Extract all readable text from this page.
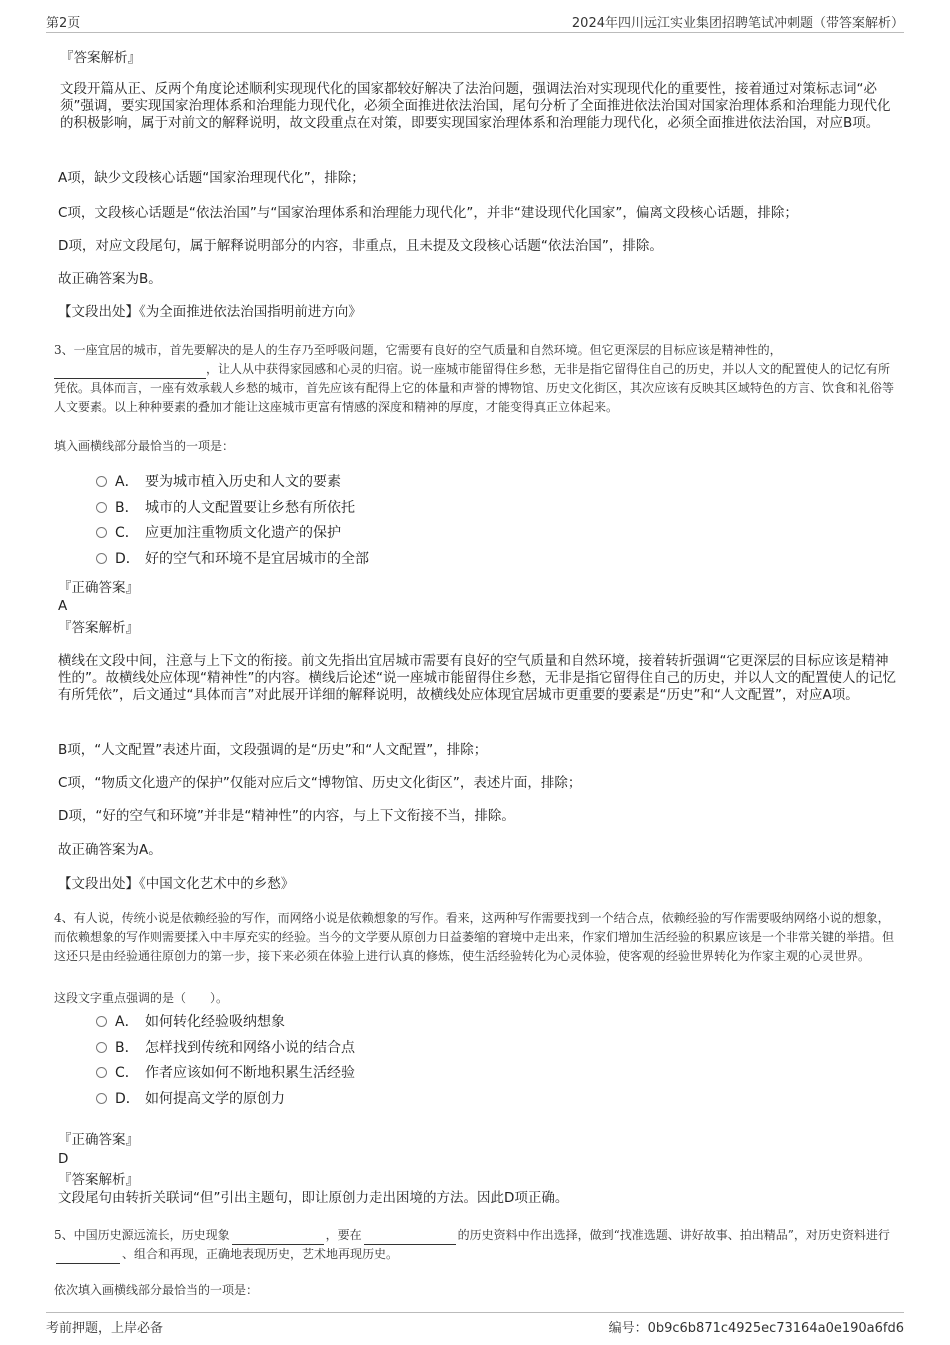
第2页	2024年四川远江实业集团招聘笔试冲刺题（带答案解析）
『答案解析』
文段开篇从正、反两个角度论述顺利实现现代化的国家都较好解决了法治问题，强调法治对实现现代化的重要性，接着通过对策标志词“必须”强调，要实现国家治理体系和治理能力现代化，必须全面推进依法治国，尾句分析了全面推进依法治国对国家治理体系和治理能力现代化的积极影响，属于对前文的解释说明，故文段重点在对策，即要实现国家治理体系和治理能力现代化，必须全面推进依法治国，对应B项。
A项，缺少文段核心话题“国家治理现代化”，排除；
C项，文段核心话题是“依法治国”与“国家治理体系和治理能力现代化”，并非“建设现代化国家”，偏离文段核心话题，排除；
D项，对应文段尾句，属于解释说明部分的内容，非重点，且未提及文段核心话题“依法治国”，排除。
故正确答案为B。
【文段出处】《为全面推进依法治国指明前进方向》
3、一座宜居的城市，首先要解决的是人的生存乃至呼吸问题，它需要有良好的空气质量和自然环境。但它更深层的目标应该是精神性的，，让人从中获得家园感和心灵的归宿。说一座城市能留得住乡愁，无非是指它留得住自己的历史，并以人文的配置使人的记忆有所凭依。具体而言，一座有效承载人乡愁的城市，首先应该有配得上它的体量和声誉的博物馆、历史文化街区，其次应该有反映其区域特色的方言、饮食和礼俗等人文要素。以上种种要素的叠加才能让这座城市更富有情感的深度和精神的厚度，才能变得真正立体起来。
填入画横线部分最恰当的一项是：
A． 要为城市植入历史和人文的要素
B． 城市的人文配置要让乡愁有所依托
C． 应更加注重物质文化遗产的保护
D． 好的空气和环境不是宜居城市的全部
『正确答案』
A
『答案解析』
横线在文段中间，注意与上下文的衔接。前文先指出宜居城市需要有良好的空气质量和自然环境，接着转折强调“它更深层的目标应该是精神性的”。故横线处应体现“精神性”的内容。横线后论述“说一座城市能留得住乡愁，无非是指它留得住自己的历史，并以人文的配置使人的记忆有所凭依”，后文通过“具体而言”对此展开详细的解释说明，故横线处应体现宜居城市更重要的要素是“历史”和“人文配置”，对应A项。
B项，“人文配置”表述片面，文段强调的是“历史”和“人文配置”，排除；
C项，“物质文化遗产的保护”仅能对应后文“博物馆、历史文化街区”，表述片面，排除；
D项，“好的空气和环境”并非是“精神性”的内容，与上下文衔接不当，排除。
故正确答案为A。
【文段出处】《中国文化艺术中的乡愁》
4、有人说，传统小说是依赖经验的写作，而网络小说是依赖想象的写作。看来，这两种写作需要找到一个结合点，依赖经验的写作需要吸纳网络小说的想象，而依赖想象的写作则需要揉入中丰厚充实的经验。当今的文学要从原创力日益萎缩的窘境中走出来，作家们增加生活经验的积累应该是一个非常关键的举措。但这还只是由经验通往原创力的第一步，接下来必须在体验上进行认真的修炼，使生活经验转化为心灵体验，使客观的经验世界转化为作家主观的心灵世界。
这段文字重点强调的是（　　）。
A． 如何转化经验吸纳想象
B． 怎样找到传统和网络小说的结合点
C． 作者应该如何不断地积累生活经验
D． 如何提高文学的原创力
『正确答案』
D
『答案解析』
文段尾句由转折关联词“但”引出主题句，即让原创力走出困境的方法。因此D项正确。
5、中国历史源远流长，历史现象	，要在	的历史资料中作出选择，做到“找准选题、讲好故事、拍出精品”，对历史资料进行、组合和再现，正确地表现历史，艺术地再现历史。
依次填入画横线部分最恰当的一项是：
考前押题，上岸必备	编号：0b9c6b871c4925ec73164a0e190a6fd6
